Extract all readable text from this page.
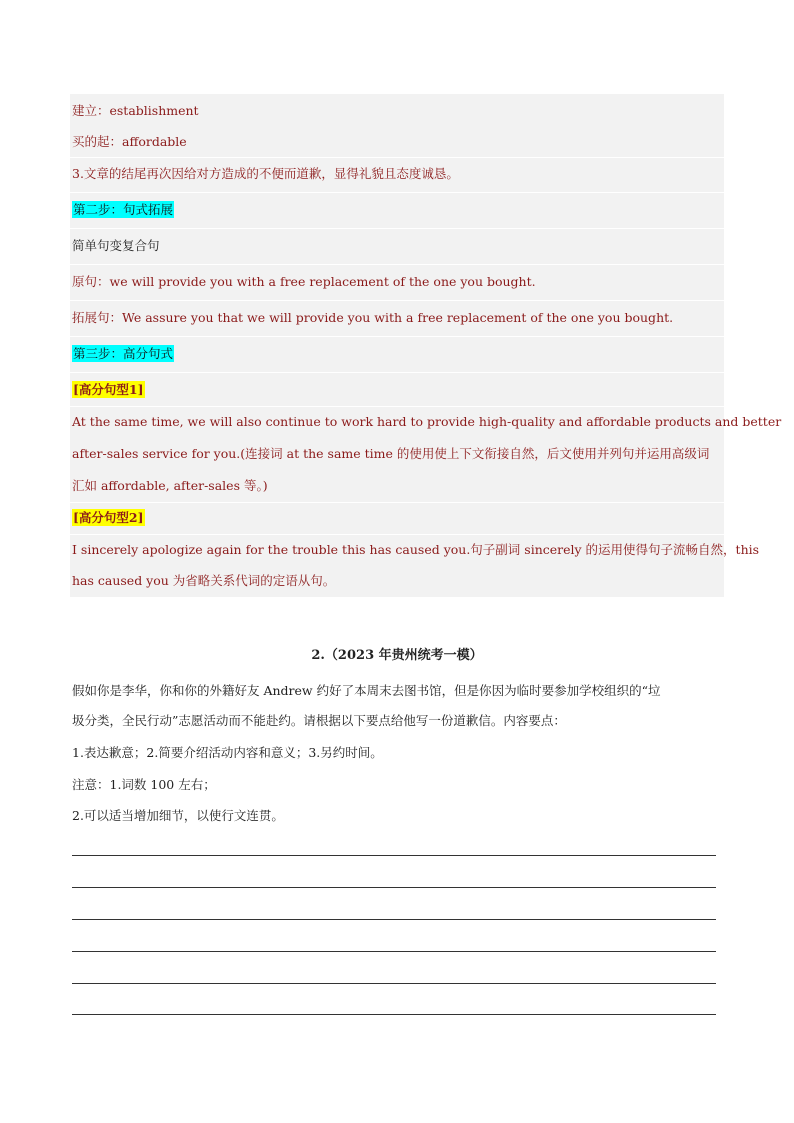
建立：establishment
买的起：affordable
3.文章的结尾再次因给对方造成的不便而道歉，显得礼貌且态度诚恳。
第二步：句式拓展
简单句变复合句
原句：we will provide you with a free replacement of the one you bought.
拓展句：We assure you that we will provide you with a free replacement of the one you bought.
第三步：高分句式
[高分句型1]
At the same time, we will also continue to work hard to provide high-quality and affordable products and better
after-sales service for you.(连接词 at the same time 的使用使上下文衔接自然，后文使用并列句并运用高级词
汇如 affordable, after-sales 等。)
[高分句型2]
I sincerely apologize again for the trouble this has caused you.句子副词 sincerely 的运用使得句子流畅自然，this
has caused you 为省略关系代词的定语从句。
2.（2023 年贵州统考一模）
假如你是李华，你和你的外籍好友 Andrew 约好了本周末去图书馆，但是你因为临时要参加学校组织的“垃
圾分类，全民行动”志愿活动而不能赴约。请根据以下要点给他写一份道歉信。内容要点：
1.表达歉意；2.简要介绍活动内容和意义；3.另约时间。
注意：1.词数 100 左右；
2.可以适当增加细节，以使行文连贯。
